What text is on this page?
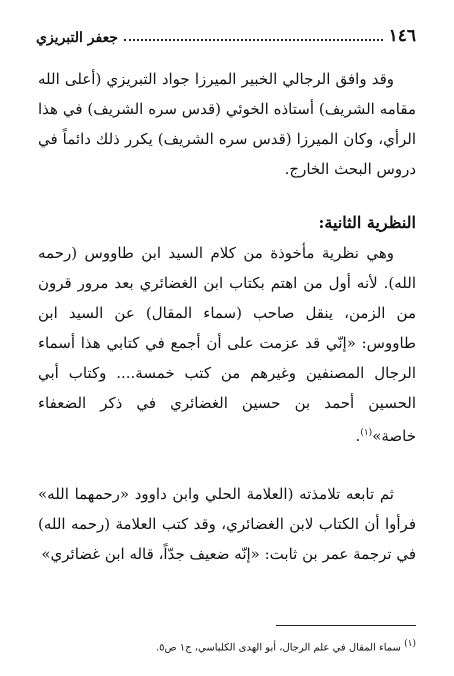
١٤٦
جعفر التبريزي

وقد وافق الرجالي الخبير الميرزا جواد التبريزي (أعلى الله مقامه الشريف) أستاذه الخوئي (قدس سره الشريف) في هذا الرأي، وكان الميرزا (قدس سره الشريف) يكرر ذلك دائماً في دروس البحث الخارج.

النظرية الثانية:

وهي نظرية مأخوذة من كلام السيد ابن طاووس (رحمه الله). لأنه أول من اهتم بكتاب ابن الغضائري بعد مرور قرون من الزمن، ينقل صاحب (سماء المقال) عن السيد ابن طاووس: «إنّي قد عزمت على أن أجمع في كتابي هذا أسماء الرجال المصنفين وغيرهم من كتب خمسة.... وكتاب أبي الحسين أحمد بن حسين الغضائري في ذكر الضعفاء خاصة»$^{(١)}$.

ثم تابعه تلامذته (العلامة الحلي وابن داوود «رحمهما الله» فرأوا أن الكتاب لابن الغضائري، وقد كتب العلامة (رحمه الله) في ترجمة عمر بن ثابت: «إنّه ضعيف جدّاً، قاله ابن غضائري»

(١) سماء المقال في علم الرجال، أبو الهدى الكلباسي، ج١ ص٥.
